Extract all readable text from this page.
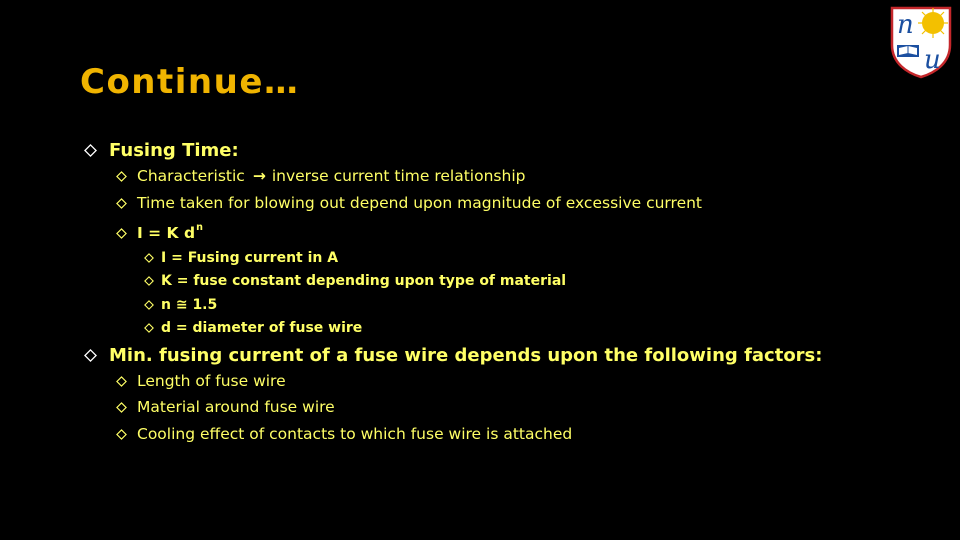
Continue…
n
u
Fusing Time:
Characteristic → inverse current time relationship
Time taken for blowing out depend upon magnitude of excessive current
I = K $d^n$
I = Fusing current in A
K = fuse constant depending upon type of material
n ≅ 1.5
d = diameter of fuse wire
Min. fusing current of a fuse wire depends upon the following factors:
Length of fuse wire
Material around fuse wire
Cooling effect of contacts to which fuse wire is attached
